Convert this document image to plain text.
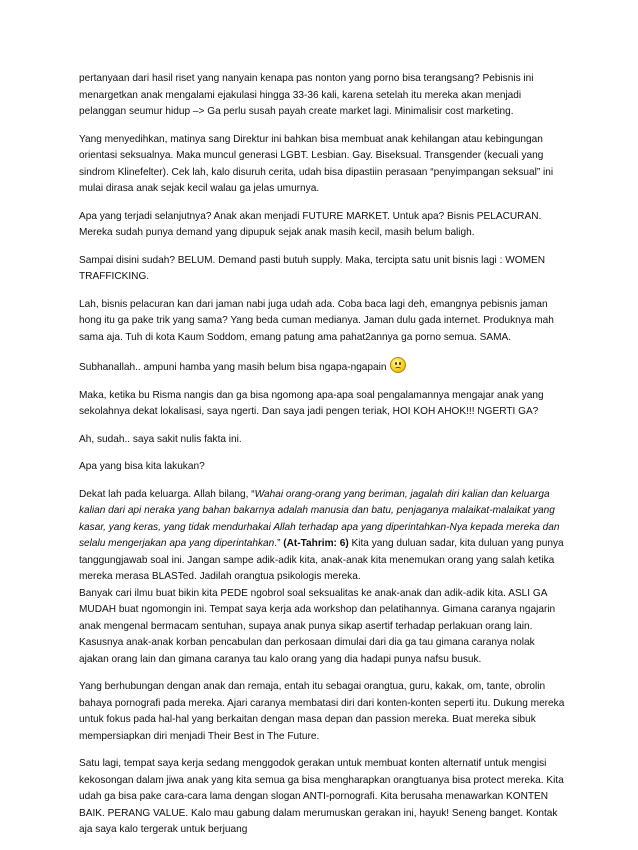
pertanyaan dari hasil riset yang nanyain kenapa pas nonton yang porno bisa terangsang? Pebisnis ini menargetkan anak mengalami ejakulasi hingga 33-36 kali, karena setelah itu mereka akan menjadi pelanggan seumur hidup –> Ga perlu susah payah create market lagi. Minimalisir cost marketing.

Yang menyedihkan, matinya sang Direktur ini bahkan bisa membuat anak kehilangan atau kebingungan orientasi seksualnya. Maka muncul generasi LGBT. Lesbian. Gay. Biseksual. Transgender (kecuali yang sindrom Klinefelter). Cek lah, kalo disuruh cerita, udah bisa dipastiin perasaan “penyimpangan seksual” ini mulai dirasa anak sejak kecil walau ga jelas umurnya.

Apa yang terjadi selanjutnya? Anak akan menjadi FUTURE MARKET. Untuk apa? Bisnis PELACURAN. Mereka sudah punya demand yang dipupuk sejak anak masih kecil, masih belum baligh.

Sampai disini sudah? BELUM. Demand pasti butuh supply. Maka, tercipta satu unit bisnis lagi : WOMEN TRAFFICKING.

Lah, bisnis pelacuran kan dari jaman nabi juga udah ada. Coba baca lagi deh, emangnya pebisnis jaman hong itu ga pake trik yang sama? Yang beda cuman medianya. Jaman dulu gada internet. Produknya mah sama aja. Tuh di kota Kaum Soddom, emang patung ama pahat2annya ga porno semua. SAMA.

Subhanallah.. ampuni hamba yang masih belum bisa ngapa-ngapain

Maka, ketika bu Risma nangis dan ga bisa ngomong apa-apa soal pengalamannya mengajar anak yang sekolahnya dekat lokalisasi, saya ngerti. Dan saya jadi pengen teriak, HOI KOH AHOK!!! NGERTI GA?

Ah, sudah.. saya sakit nulis fakta ini.

Apa yang bisa kita lakukan?

Dekat lah pada keluarga. Allah bilang, “Wahai orang-orang yang beriman, jagalah diri kalian dan keluarga kalian dari api neraka yang bahan bakarnya adalah manusia dan batu, penjaganya malaikat-malaikat yang kasar, yang keras, yang tidak mendurhakai Allah terhadap apa yang diperintahkan-Nya kepada mereka dan selalu mengerjakan apa yang diperintahkan.” (At-Tahrim: 6) Kita yang duluan sadar, kita duluan yang punya tanggungjawab soal ini. Jangan sampe adik-adik kita, anak-anak kita menemukan orang yang salah ketika mereka merasa BLASTed. Jadilah orangtua psikologis mereka.

Banyak cari ilmu buat bikin kita PEDE ngobrol soal seksualitas ke anak-anak dan adik-adik kita. ASLI GA MUDAH buat ngomongin ini. Tempat saya kerja ada workshop dan pelatihannya. Gimana caranya ngajarin anak mengenal bermacam sentuhan, supaya anak punya sikap asertif terhadap perlakuan orang lain. Kasusnya anak-anak korban pencabulan dan perkosaan dimulai dari dia ga tau gimana caranya nolak ajakan orang lain dan gimana caranya tau kalo orang yang dia hadapi punya nafsu busuk.

Yang berhubungan dengan anak dan remaja, entah itu sebagai orangtua, guru, kakak, om, tante, obrolin bahaya pornografi pada mereka. Ajari caranya membatasi diri dari konten-konten seperti itu. Dukung mereka untuk fokus pada hal-hal yang berkaitan dengan masa depan dan passion mereka. Buat mereka sibuk mempersiapkan diri menjadi Their Best in The Future.

Satu lagi, tempat saya kerja sedang menggodok gerakan untuk membuat konten alternatif untuk mengisi kekosongan dalam jiwa anak yang kita semua ga bisa mengharapkan orangtuanya bisa protect mereka. Kita udah ga bisa pake cara-cara lama dengan slogan ANTI-pornografi. Kita berusaha menawarkan KONTEN BAIK. PERANG VALUE. Kalo mau gabung dalam merumuskan gerakan ini, hayuk! Seneng banget. Kontak aja saya kalo tergerak untuk berjuang
